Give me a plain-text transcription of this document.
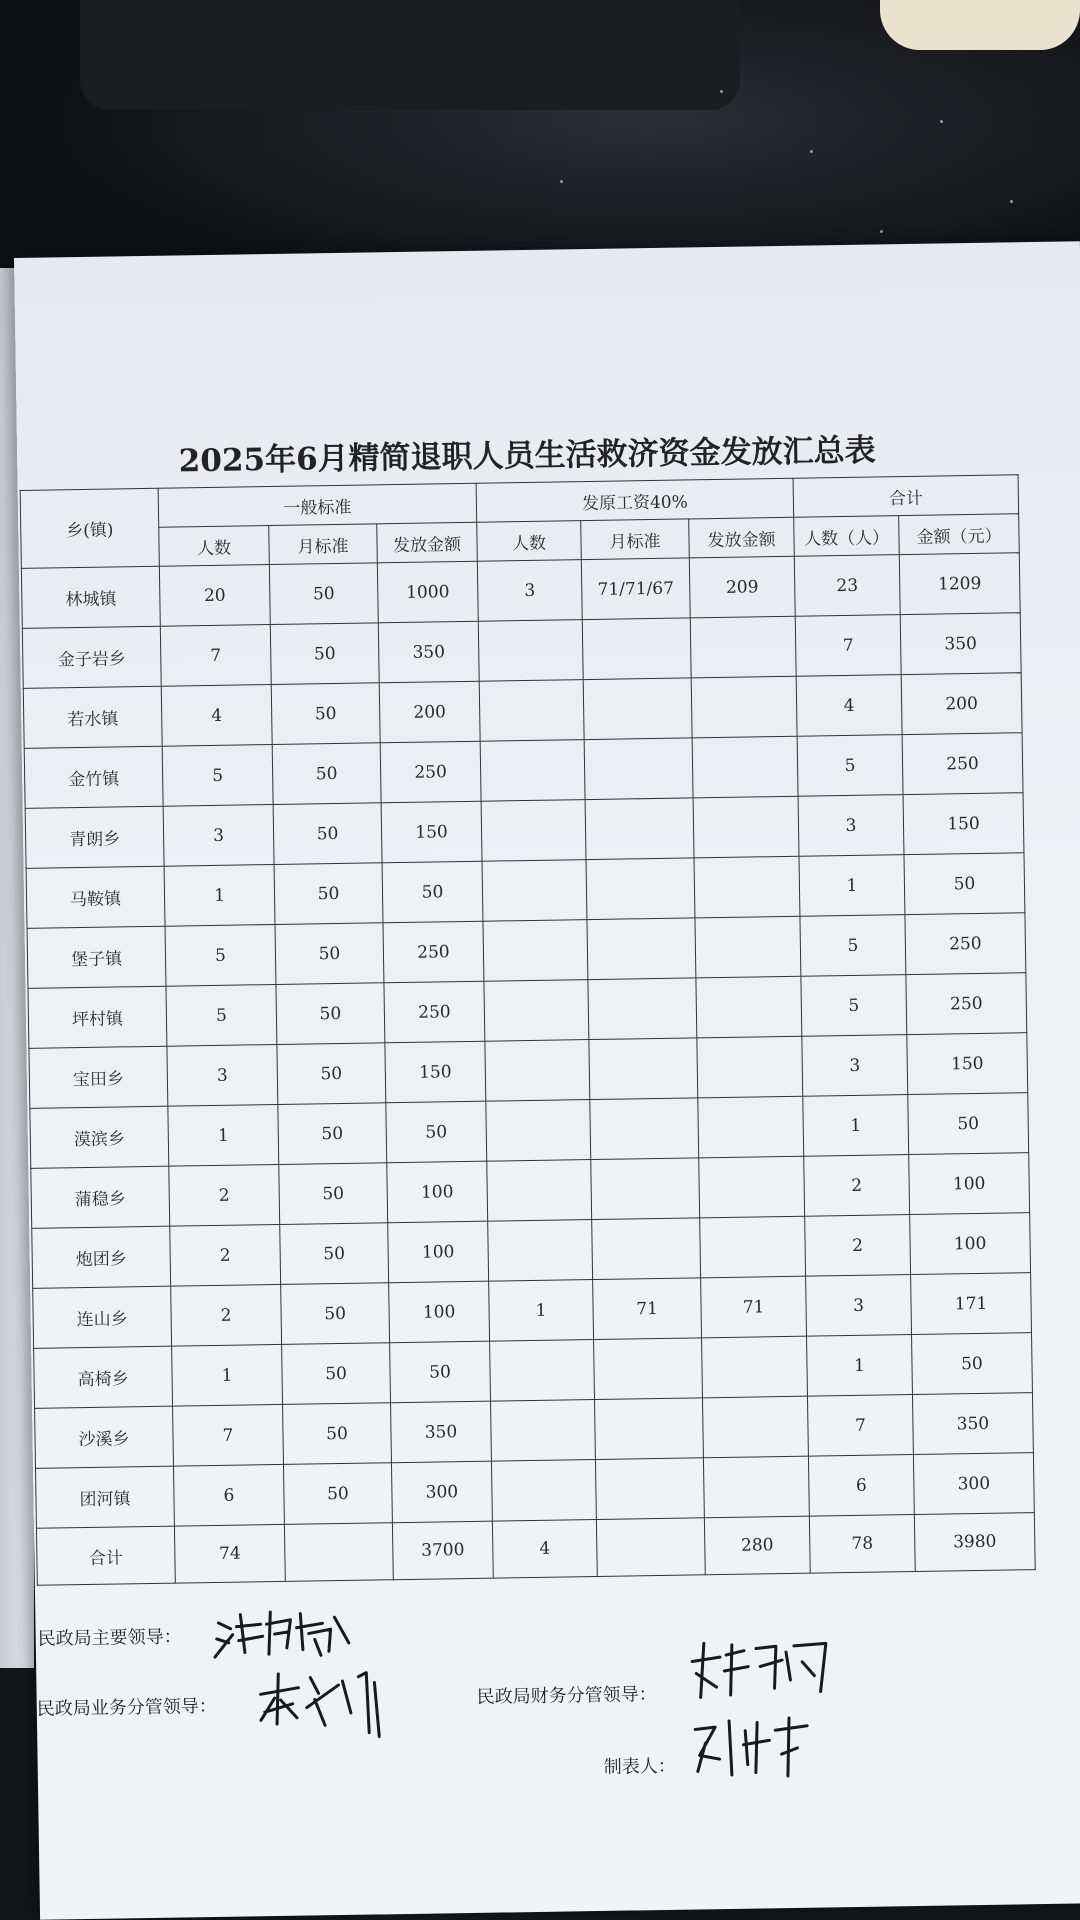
2025年6月精简退职人员生活救济资金发放汇总表
乡(镇)	一般标准			发原工资40%			合计	
	人数	月标准	发放金额	人数	月标准	发放金额	人数（人）	金额（元）
林城镇	20	50	1000	3	71/71/67	209	23	1209
金子岩乡	7	50	350				7	350
若水镇	4	50	200				4	200
金竹镇	5	50	250				5	250
青朗乡	3	50	150				3	150
马鞍镇	1	50	50				1	50
堡子镇	5	50	250				5	250
坪村镇	5	50	250				5	250
宝田乡	3	50	150				3	150
漠滨乡	1	50	50				1	50
蒲稳乡	2	50	100				2	100
炮团乡	2	50	100				2	100
连山乡	2	50	100	1	71	71	3	171
高椅乡	1	50	50				1	50
沙溪乡	7	50	350				7	350
团河镇	6	50	300				6	300
合计	74		3700	4		280	78	3980
民政局主要领导：
民政局业务分管领导：	民政局财务分管领导：
制表人：
